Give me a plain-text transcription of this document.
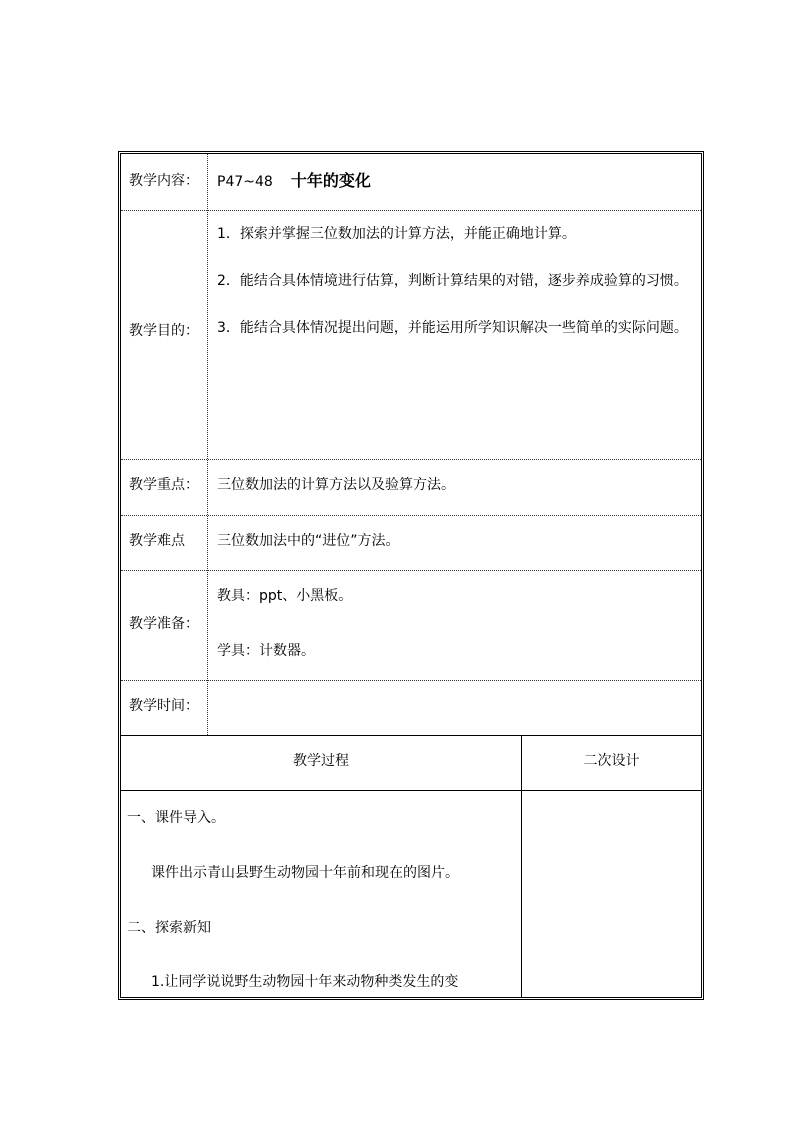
教学内容： P47~48 十年的变化
教学目的：
1．探索并掌握三位数加法的计算方法，并能正确地计算。
2．能结合具体情境进行估算，判断计算结果的对错，逐步养成验算的习惯。
3．能结合具体情况提出问题，并能运用所学知识解决一些简单的实际问题。
教学重点： 三位数加法的计算方法以及验算方法。
教学难点 三位数加法中的“进位”方法。
教学准备：
教具：ppt、小黑板。
学具：计数器。
教学时间：
教学过程	二次设计
一、课件导入。
课件出示青山县野生动物园十年前和现在的图片。
二、探索新知
1.让同学说说野生动物园十年来动物种类发生的变
